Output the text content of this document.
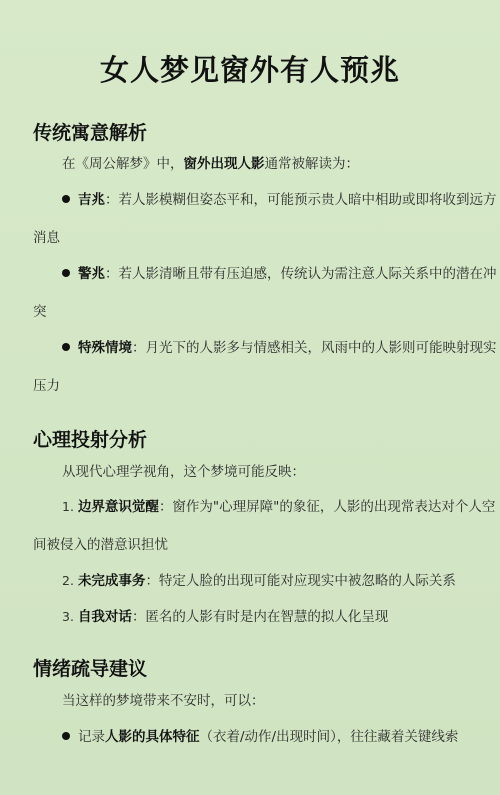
女人梦见窗外有人预兆
传统寓意解析
在《周公解梦》中，窗外出现人影通常被解读为：
吉兆：若人影模糊但姿态平和，可能预示贵人暗中相助或即将收到远方
消息
警兆：若人影清晰且带有压迫感，传统认为需注意人际关系中的潜在冲
突
特殊情境：月光下的人影多与情感相关，风雨中的人影则可能映射现实
压力
心理投射分析
从现代心理学视角，这个梦境可能反映：
1. 边界意识觉醒：窗作为"心理屏障"的象征，人影的出现常表达对个人空
间被侵入的潜意识担忧
2. 未完成事务：特定人脸的出现可能对应现实中被忽略的人际关系
3. 自我对话：匿名的人影有时是内在智慧的拟人化呈现
情绪疏导建议
当这样的梦境带来不安时，可以：
记录人影的具体特征（衣着/动作/出现时间），往往藏着关键线索
